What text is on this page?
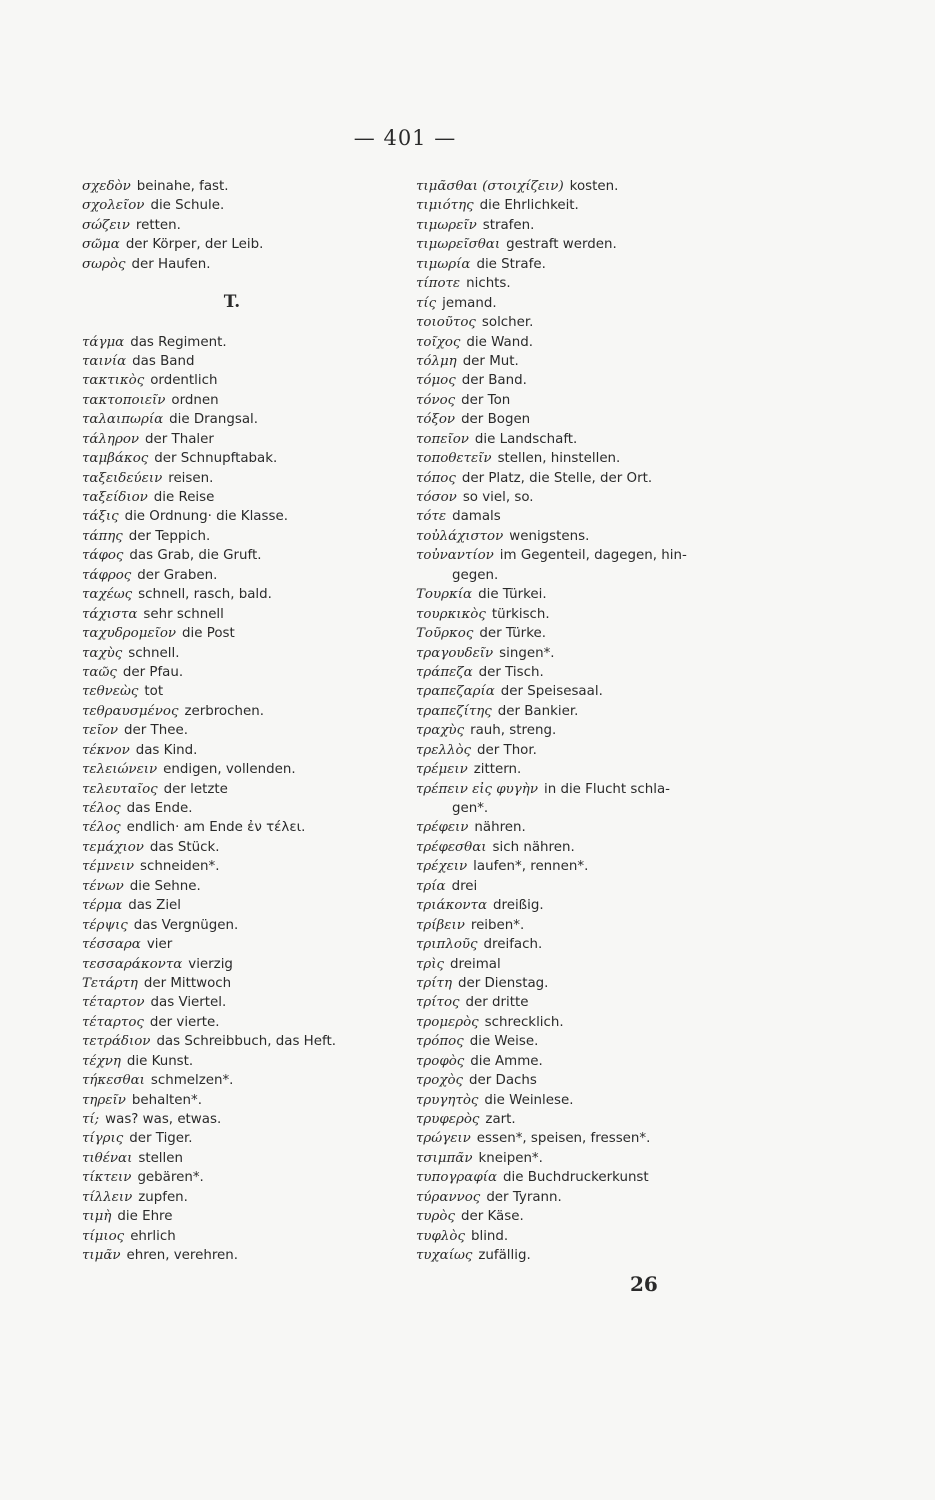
— 401 —
σχεδὸν beinahe, fast.
σχολεῖον die Schule.
σώζειν retten.
σῶμα der Körper, der Leib.
σωρὸς der Haufen.
T.
τάγμα das Regiment.
ταινία das Band
τακτικὸς ordentlich
τακτοποιεῖν ordnen
ταλαιπωρία die Drangsal.
τάληρον der Thaler
ταμβάκος der Schnupftabak.
ταξειδεύειν reisen.
ταξείδιον die Reise
τάξις die Ordnung· die Klasse.
τάπης der Teppich.
τάφος das Grab, die Gruft.
τάφρος der Graben.
ταχέως schnell, rasch, bald.
τάχιστα sehr schnell
ταχυδρομεῖον die Post
ταχὺς schnell.
ταῶς der Pfau.
τεθνεὼς tot
τεθραυσμένος zerbrochen.
τεῖον der Thee.
τέκνον das Kind.
τελειώνειν endigen, vollenden.
τελευταῖος der letzte
τέλος das Ende.
τέλος endlich· am Ende ἐν τέλει.
τεμάχιον das Stück.
τέμνειν schneiden*.
τένων die Sehne.
τέρμα das Ziel
τέρψις das Vergnügen.
τέσσαρα vier
τεσσαράκοντα vierzig
Τετάρτη der Mittwoch
τέταρτον das Viertel.
τέταρτος der vierte.
τετράδιον das Schreibbuch, das Heft.
τέχνη die Kunst.
τήκεσθαι schmelzen*.
τηρεῖν behalten*.
τί; was? was, etwas.
τίγρις der Tiger.
τιθέναι stellen
τίκτειν gebären*.
τίλλειν zupfen.
τιμὴ die Ehre
τίμιος ehrlich
τιμᾶν ehren, verehren.
τιμᾶσθαι (στοιχίζειν) kosten.
τιμιότης die Ehrlichkeit.
τιμωρεῖν strafen.
τιμωρεῖσθαι gestraft werden.
τιμωρία die Strafe.
τίποτε nichts.
τίς jemand.
τοιοῦτος solcher.
τοῖχος die Wand.
τόλμη der Mut.
τόμος der Band.
τόνος der Ton
τόξον der Bogen
τοπεῖον die Landschaft.
τοποθετεῖν stellen, hinstellen.
τόπος der Platz, die Stelle, der Ort.
τόσον so viel, so.
τότε damals
τοὐλάχιστον wenigstens.
τοὐναντίον im Gegenteil, dagegen, hin-
gegen.
Τουρκία die Türkei.
τουρκικὸς türkisch.
Τοῦρκος der Türke.
τραγουδεῖν singen*.
τράπεζα der Tisch.
τραπεζαρία der Speisesaal.
τραπεζίτης der Bankier.
τραχὺς rauh, streng.
τρελλὸς der Thor.
τρέμειν zittern.
τρέπειν εἰς φυγὴν in die Flucht schla-
gen*.
τρέφειν nähren.
τρέφεσθαι sich nähren.
τρέχειν laufen*, rennen*.
τρία drei
τριάκοντα dreißig.
τρίβειν reiben*.
τριπλοῦς dreifach.
τρὶς dreimal
τρίτη der Dienstag.
τρίτος der dritte
τρομερὸς schrecklich.
τρόπος die Weise.
τροφὸς die Amme.
τροχὸς der Dachs
τρυγητὸς die Weinlese.
τρυφερὸς zart.
τρώγειν essen*, speisen, fressen*.
τσιμπᾶν kneipen*.
τυπογραφία die Buchdruckerkunst
τύραννος der Tyrann.
τυρὸς der Käse.
τυφλὸς blind.
τυχαίως zufällig.
26
